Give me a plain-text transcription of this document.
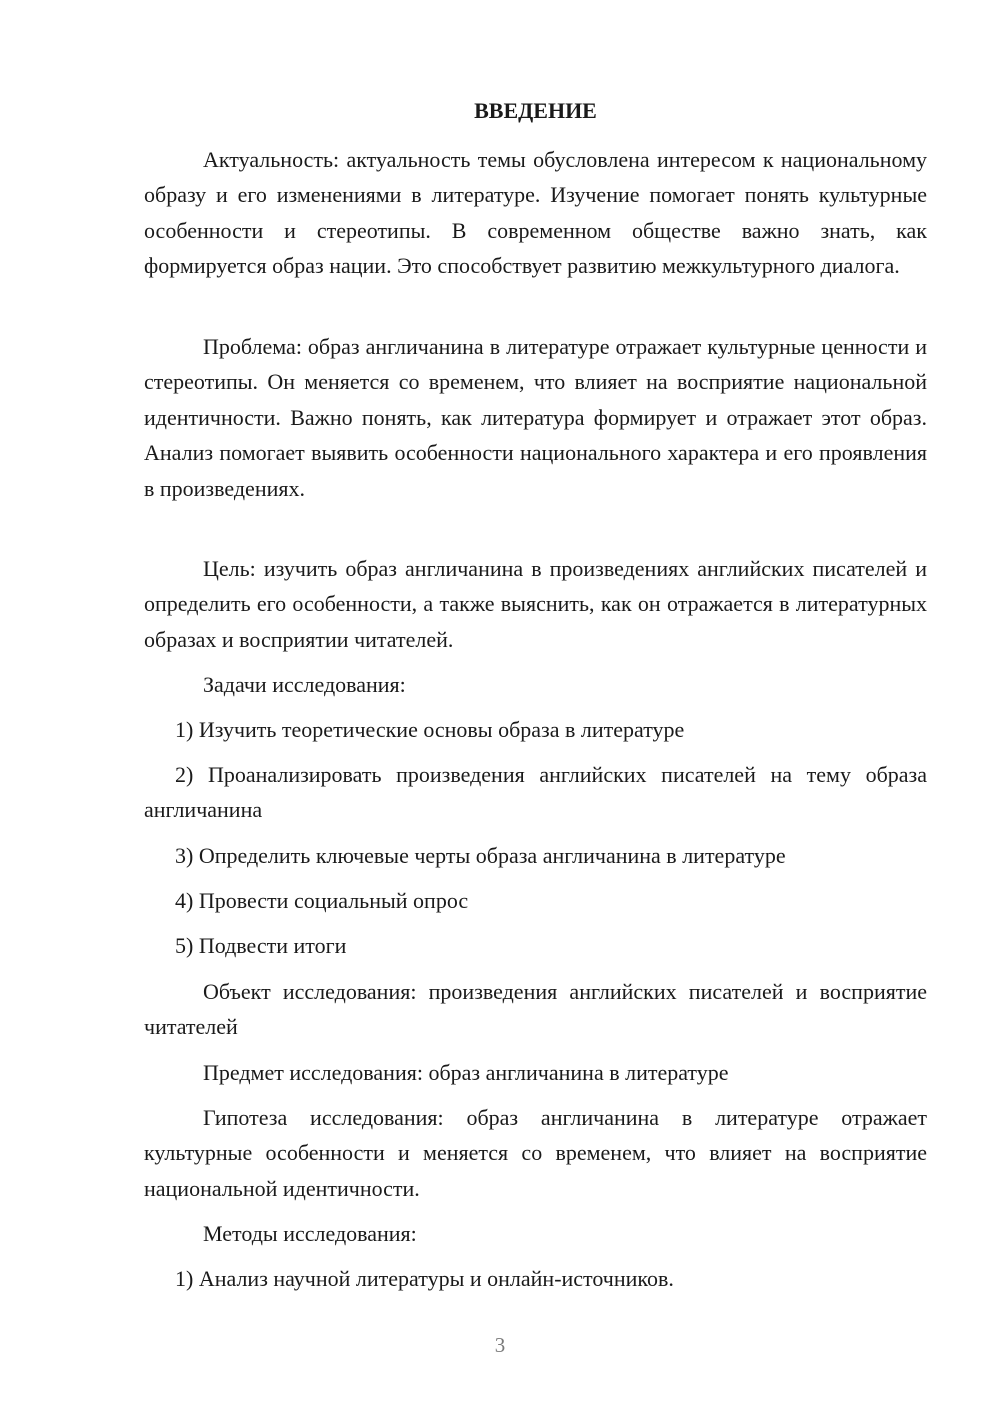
ВВЕДЕНИЕ

Актуальность: актуальность темы обусловлена интересом к национальному образу и его изменениями в литературе. Изучение помогает понять культурные особенности и стереотипы. В современном обществе важно знать, как формируется образ нации. Это способствует развитию межкультурного диалога.

Проблема: образ англичанина в литературе отражает культурные ценности и стереотипы. Он меняется со временем, что влияет на восприятие национальной идентичности. Важно понять, как литература формирует и отражает этот образ. Анализ помогает выявить особенности национального характера и его проявления в произведениях.

Цель: изучить образ англичанина в произведениях английских писателей и определить его особенности, а также выяснить, как он отражается в литературных образах и восприятии читателей.

Задачи исследования:

1) Изучить теоретические основы образа в литературе

2) Проанализировать произведения английских писателей на тему образа англичанина

3) Определить ключевые черты образа англичанина в литературе

4) Провести социальный опрос

5) Подвести итоги

Объект исследования: произведения английских писателей и восприятие читателей

Предмет исследования: образ англичанина в литературе

Гипотеза исследования: образ англичанина в литературе отражает культурные особенности и меняется со временем, что влияет на восприятие национальной идентичности.

Методы исследования:

1) Анализ научной литературы и онлайн-источников.

3
